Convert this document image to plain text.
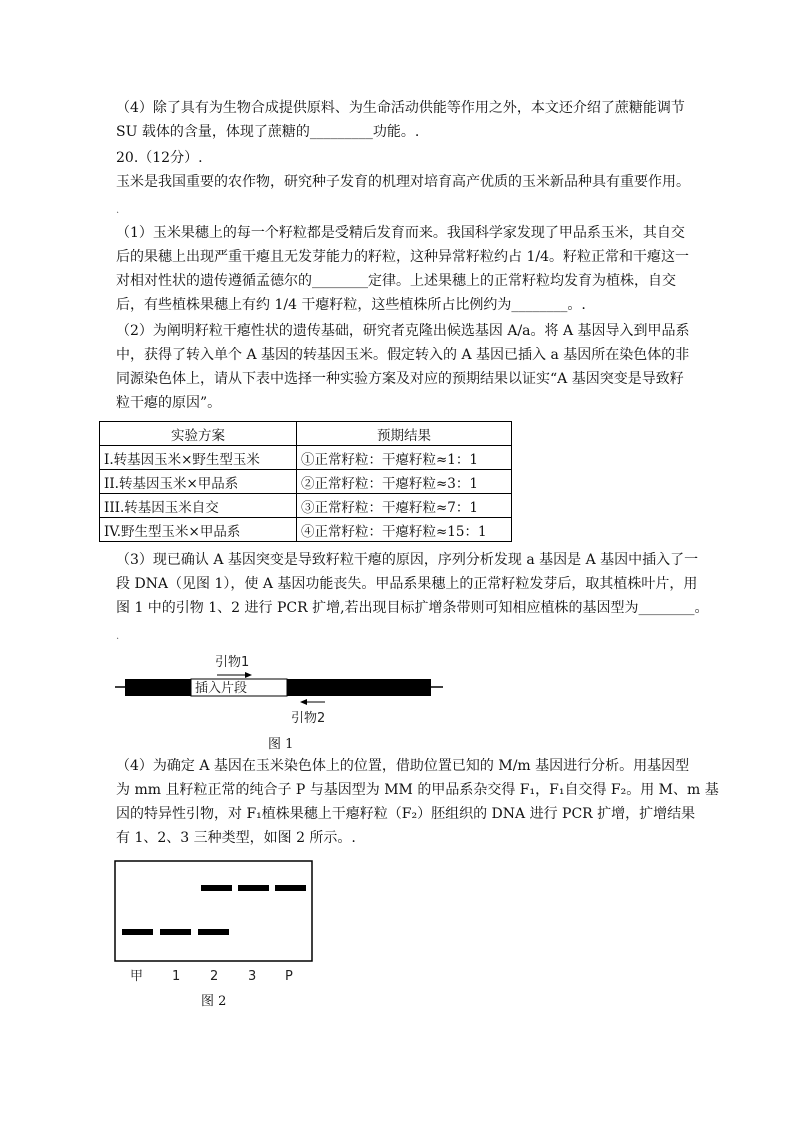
（4）除了具有为生物合成提供原料、为生命活动供能等作用之外，本文还介绍了蔗糖能调节

SU 载体的含量，体现了蔗糖的_________功能。.

20.（12分）.

玉米是我国重要的农作物，研究种子发育的机理对培育高产优质的玉米新品种具有重要作用。

.

（1）玉米果穗上的每一个籽粒都是受精后发育而来。我国科学家发现了甲品系玉米，其自交

后的果穗上出现严重干瘪且无发芽能力的籽粒，这种异常籽粒约占 1/4。籽粒正常和干瘪这一

对相对性状的遗传遵循孟德尔的________定律。上述果穗上的正常籽粒均发育为植株，自交

后，有些植株果穗上有约 1/4 干瘪籽粒，这些植株所占比例约为________。.

（2）为阐明籽粒干瘪性状的遗传基础，研究者克隆出候选基因 A/a。将 A 基因导入到甲品系

中，获得了转入单个 A 基因的转基因玉米。假定转入的 A 基因已插入 a 基因所在染色体的非

同源染色体上，请从下表中选择一种实验方案及对应的预期结果以证实“A 基因突变是导致籽

粒干瘪的原因”。

实验方案	预期结果
I.转基因玉米×野生型玉米	①正常籽粒：干瘪籽粒≈1：1
II.转基因玉米×甲品系	②正常籽粒：干瘪籽粒≈3：1
III.转基因玉米自交	③正常籽粒：干瘪籽粒≈7：1
IV.野生型玉米×甲品系	④正常籽粒：干瘪籽粒≈15：1

（3）现已确认 A 基因突变是导致籽粒干瘪的原因，序列分析发现 a 基因是 A 基因中插入了一

段 DNA（见图 1），使 A 基因功能丧失。甲品系果穗上的正常籽粒发芽后，取其植株叶片，用

图 1 中的引物 1、2 进行 PCR 扩增,若出现目标扩增条带则可知相应植株的基因型为________。

.
引物1
插入片段
引物2
图 1

（4）为确定 A 基因在玉米染色体上的位置，借助位置已知的 M/m 基因进行分析。用基因型

为 mm 且籽粒正常的纯合子 P 与基因型为 MM 的甲品系杂交得 F₁，F₁自交得 F₂。用 M、m 基

因的特异性引物，对 F₁植株果穗上干瘪籽粒（F₂）胚组织的 DNA 进行 PCR 扩增，扩增结果

有 1、2、3 三种类型，如图 2 所示。.

甲 1 2 3 P
图 2
